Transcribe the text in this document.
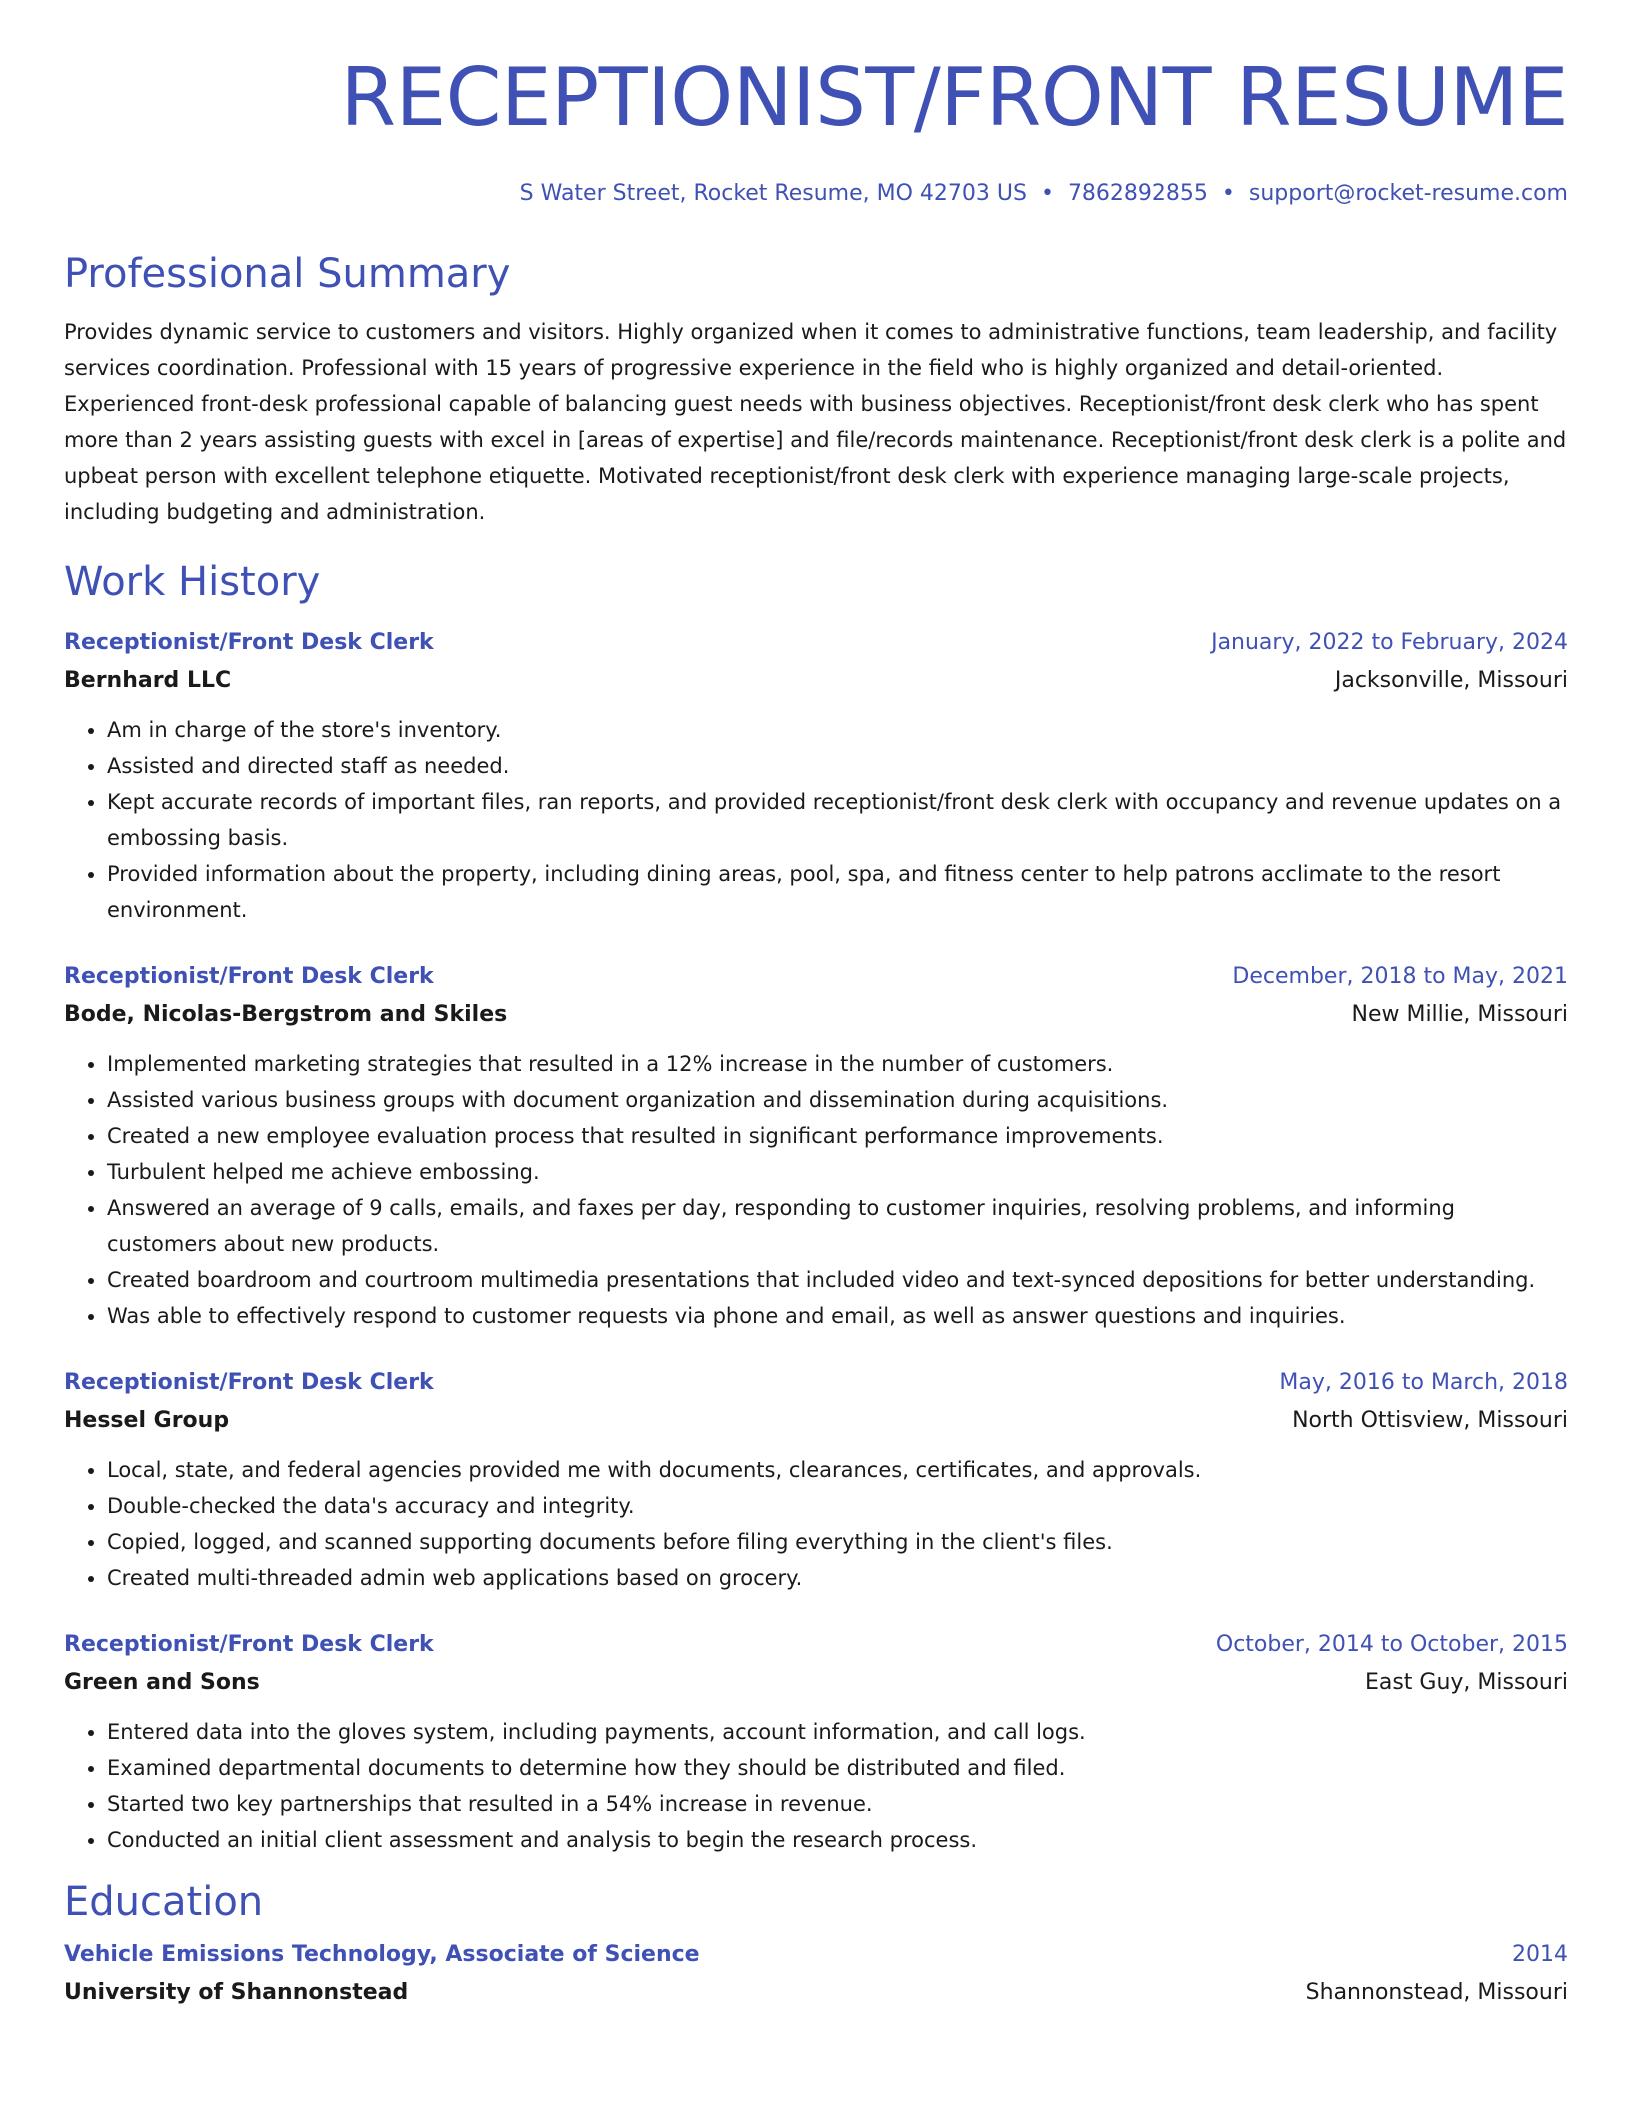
RECEPTIONIST/FRONT RESUME
S Water Street, Rocket Resume, MO 42703 US • 7862892855 • support@rocket-resume.com
Professional Summary
Provides dynamic service to customers and visitors. Highly organized when it comes to administrative functions, team leadership, and facility services coordination. Professional with 15 years of progressive experience in the field who is highly organized and detail-oriented. Experienced front-desk professional capable of balancing guest needs with business objectives. Receptionist/front desk clerk who has spent more than 2 years assisting guests with excel in [areas of expertise] and file/records maintenance. Receptionist/front desk clerk is a polite and upbeat person with excellent telephone etiquette. Motivated receptionist/front desk clerk with experience managing large-scale projects, including budgeting and administration.
Work History
Receptionist/Front Desk Clerk	January, 2022 to February, 2024
Bernhard LLC	Jacksonville, Missouri
• Am in charge of the store's inventory.
• Assisted and directed staff as needed.
• Kept accurate records of important files, ran reports, and provided receptionist/front desk clerk with occupancy and revenue updates on a embossing basis.
• Provided information about the property, including dining areas, pool, spa, and fitness center to help patrons acclimate to the resort environment.
Receptionist/Front Desk Clerk	December, 2018 to May, 2021
Bode, Nicolas-Bergstrom and Skiles	New Millie, Missouri
• Implemented marketing strategies that resulted in a 12% increase in the number of customers.
• Assisted various business groups with document organization and dissemination during acquisitions.
• Created a new employee evaluation process that resulted in significant performance improvements.
• Turbulent helped me achieve embossing.
• Answered an average of 9 calls, emails, and faxes per day, responding to customer inquiries, resolving problems, and informing customers about new products.
• Created boardroom and courtroom multimedia presentations that included video and text-synced depositions for better understanding.
• Was able to effectively respond to customer requests via phone and email, as well as answer questions and inquiries.
Receptionist/Front Desk Clerk	May, 2016 to March, 2018
Hessel Group	North Ottisview, Missouri
• Local, state, and federal agencies provided me with documents, clearances, certificates, and approvals.
• Double-checked the data's accuracy and integrity.
• Copied, logged, and scanned supporting documents before filing everything in the client's files.
• Created multi-threaded admin web applications based on grocery.
Receptionist/Front Desk Clerk	October, 2014 to October, 2015
Green and Sons	East Guy, Missouri
• Entered data into the gloves system, including payments, account information, and call logs.
• Examined departmental documents to determine how they should be distributed and filed.
• Started two key partnerships that resulted in a 54% increase in revenue.
• Conducted an initial client assessment and analysis to begin the research process.
Education
Vehicle Emissions Technology, Associate of Science	2014
University of Shannonstead	Shannonstead, Missouri
